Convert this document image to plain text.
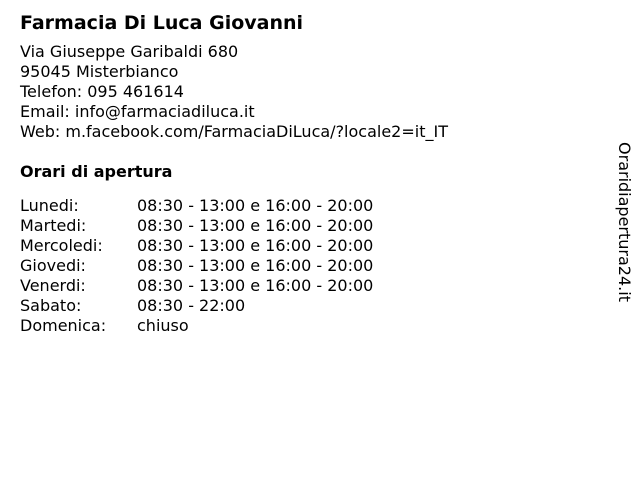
Farmacia Di Luca Giovanni
Via Giuseppe Garibaldi 680
95045 Misterbianco
Telefon: 095 461614
Email: info@farmaciadiluca.it
Web: m.facebook.com/FarmaciaDiLuca/?locale2=it_IT
Orari di apertura
Lunedi:	08:30 - 13:00 e 16:00 - 20:00
Martedi:	08:30 - 13:00 e 16:00 - 20:00
Mercoledi:	08:30 - 13:00 e 16:00 - 20:00
Giovedi:	08:30 - 13:00 e 16:00 - 20:00
Venerdi:	08:30 - 13:00 e 16:00 - 20:00
Sabato:	08:30 - 22:00
Domenica:	chiuso
Oraridiapertura24.it
